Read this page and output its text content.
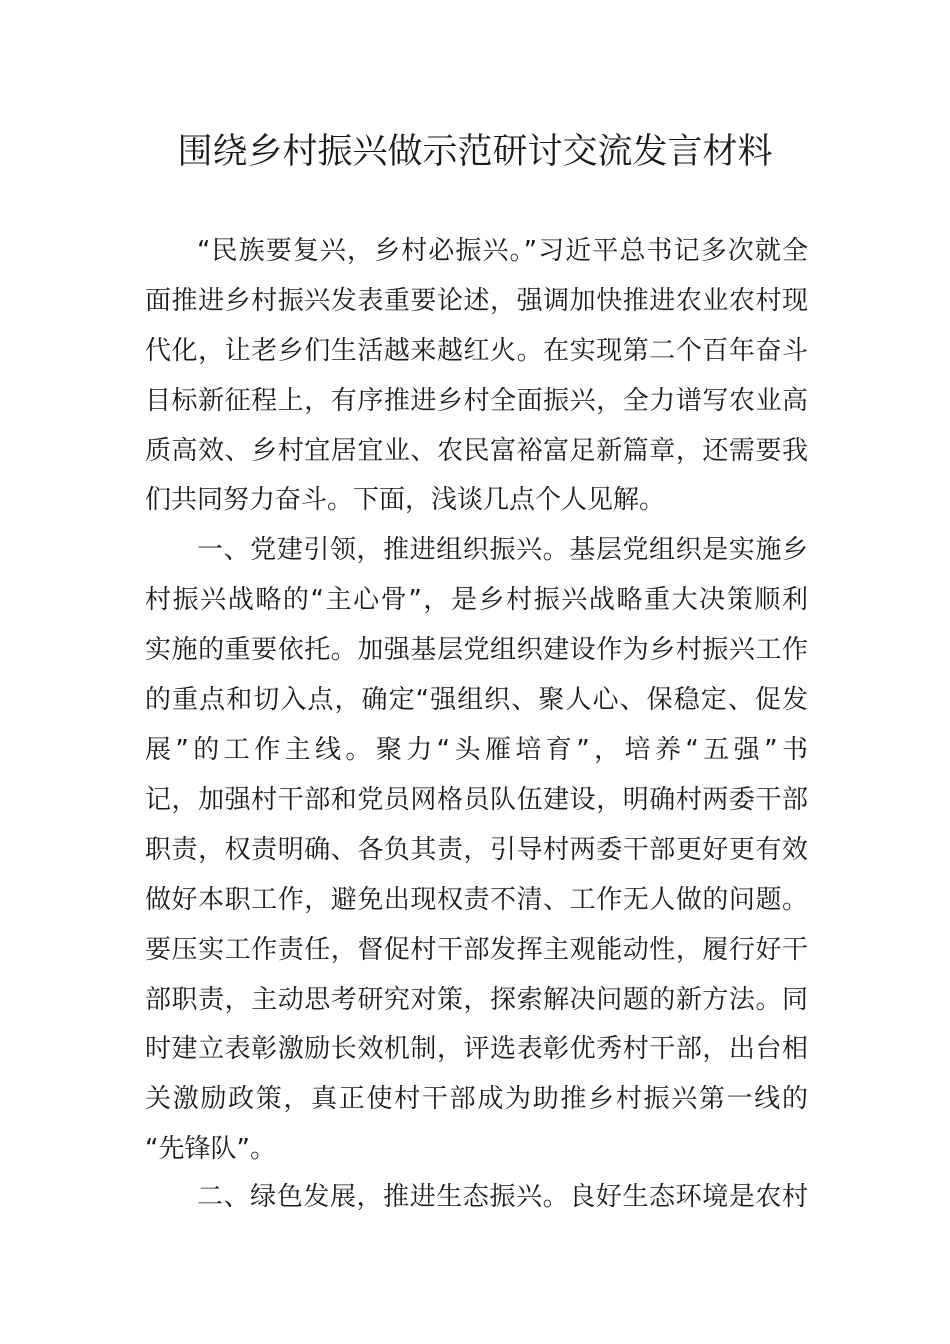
围绕乡村振兴做示范研讨交流发言材料

“民族要复兴，乡村必振兴。”习近平总书记多次就全

面推进乡村振兴发表重要论述，强调加快推进农业农村现

代化，让老乡们生活越来越红火。在实现第二个百年奋斗

目标新征程上，有序推进乡村全面振兴，全力谱写农业高

质高效、乡村宜居宜业、农民富裕富足新篇章，还需要我

们共同努力奋斗。下面，浅谈几点个人见解。

一、党建引领，推进组织振兴。基层党组织是实施乡

村振兴战略的“主心骨”，是乡村振兴战略重大决策顺利

实施的重要依托。加强基层党组织建设作为乡村振兴工作

的重点和切入点，确定“强组织、聚人心、保稳定、促发

展”的工作主线。聚力“头雁培育”，培养“五强”书

记，加强村干部和党员网格员队伍建设，明确村两委干部

职责，权责明确、各负其责，引导村两委干部更好更有效

做好本职工作，避免出现权责不清、工作无人做的问题。

要压实工作责任，督促村干部发挥主观能动性，履行好干

部职责，主动思考研究对策，探索解决问题的新方法。同

时建立表彰激励长效机制，评选表彰优秀村干部，出台相

关激励政策，真正使村干部成为助推乡村振兴第一线的

“先锋队”。

二、绿色发展，推进生态振兴。良好生态环境是农村
